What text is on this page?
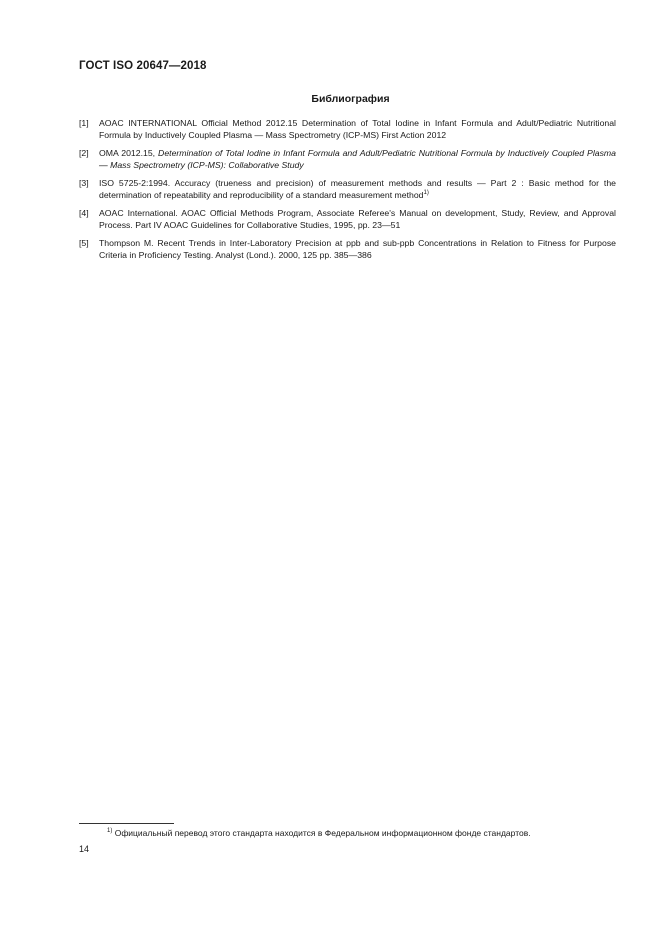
ГОСТ ISO 20647—2018
Библиография
[1]	AOAC INTERNATIONAL Official Method 2012.15 Determination of Total Iodine in Infant Formula and Adult/Pediatric Nutritional Formula by Inductively Coupled Plasma — Mass Spectrometry (ICP-MS) First Action 2012
[2]	OMA 2012.15, Determination of Total Iodine in Infant Formula and Adult/Pediatric Nutritional Formula by Inductively Coupled Plasma — Mass Spectrometry (ICP-MS): Collaborative Study
[3]	ISO 5725-2:1994. Accuracy (trueness and precision) of measurement methods and results — Part 2 : Basic method for the determination of repeatability and reproducibility of a standard measurement method$^{1)}$
[4]	AOAC International. AOAC Official Methods Program, Associate Referee's Manual on development, Study, Review, and Approval Process. Part IV AOAC Guidelines for Collaborative Studies, 1995, pp. 23—51
[5]	Thompson M. Recent Trends in Inter-Laboratory Precision at ppb and sub-ppb Concentrations in Relation to Fitness for Purpose Criteria in Proficiency Testing. Analyst (Lond.). 2000, 125 pp. 385—386
$^{1)}$ Официальный перевод этого стандарта находится в Федеральном информационном фонде стандартов.
14
